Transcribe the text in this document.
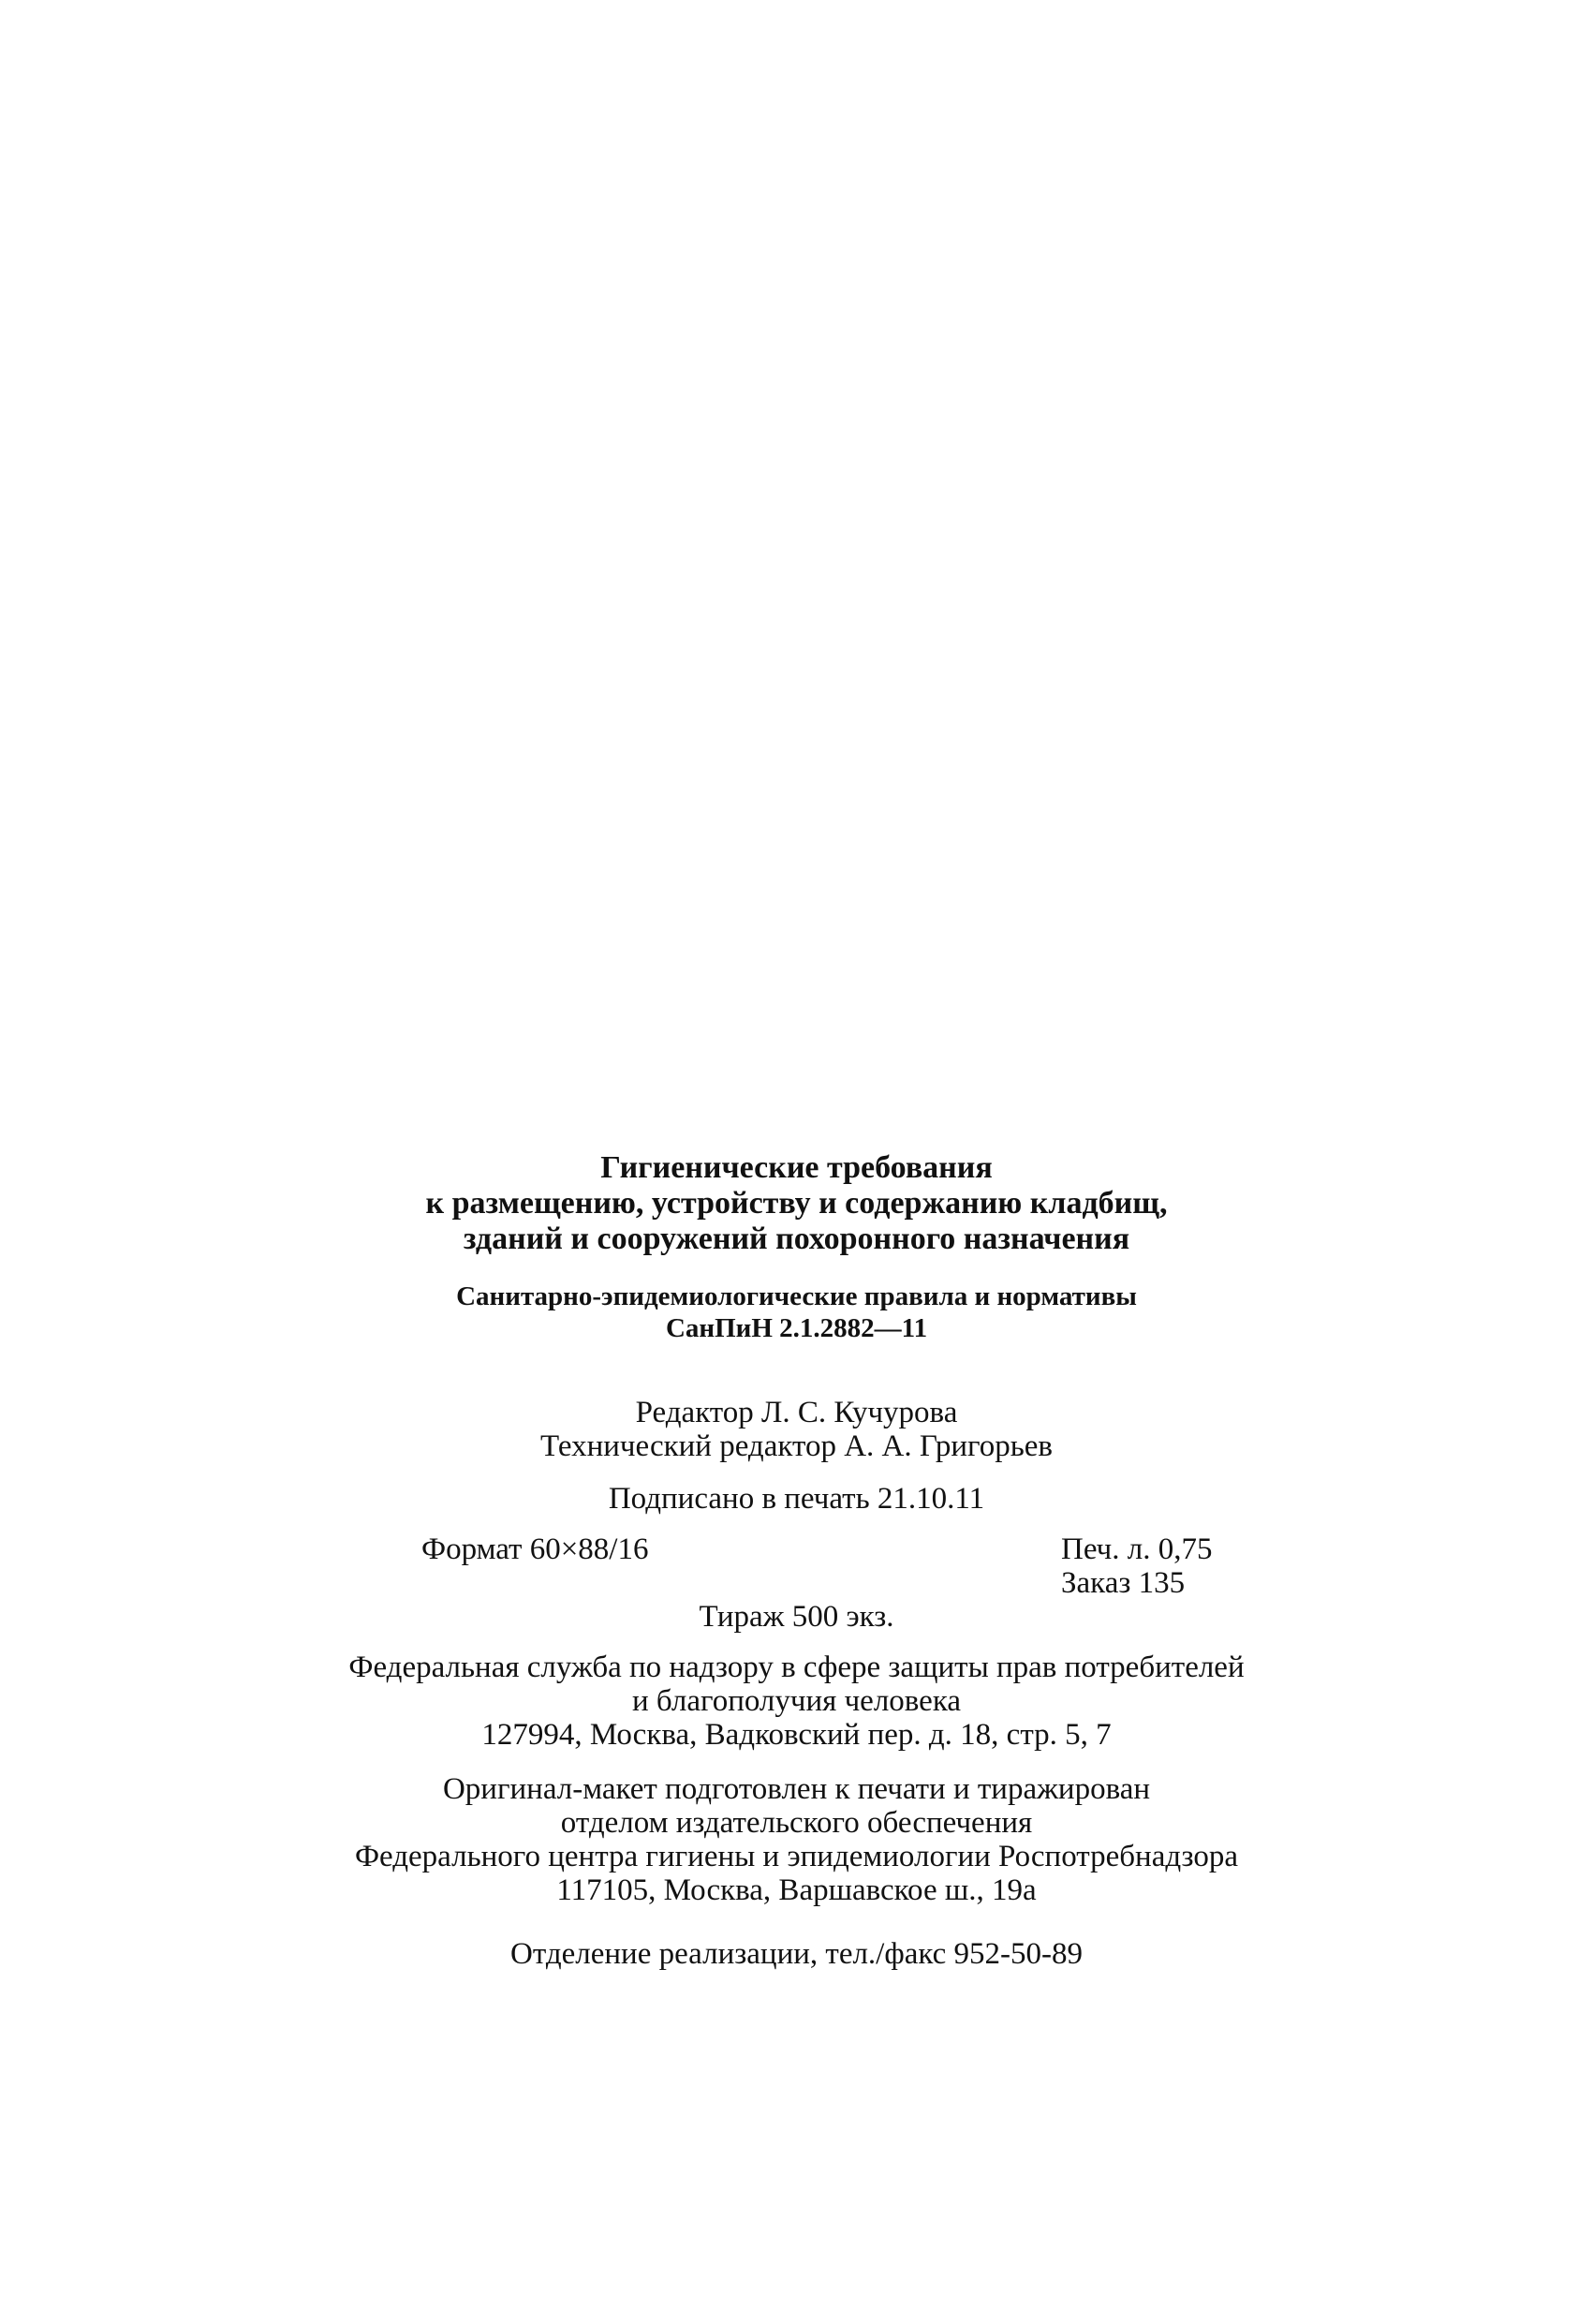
Гигиенические требования
к размещению, устройству и содержанию кладбищ,
зданий и сооружений похоронного назначения
Санитарно-эпидемиологические правила и нормативы
СанПиН 2.1.2882—11
Редактор Л. С. Кучурова
Технический редактор А. А. Григорьев
Подписано в печать 21.10.11
Формат 60×88/16	Печ. л. 0,75
Заказ 135
Тираж 500 экз.
Федеральная служба по надзору в сфере защиты прав потребителей
и благополучия человека
127994, Москва, Вадковский пер. д. 18, стр. 5, 7
Оригинал-макет подготовлен к печати и тиражирован
отделом издательского обеспечения
Федерального центра гигиены и эпидемиологии Роспотребнадзора
117105, Москва, Варшавское ш., 19а
Отделение реализации, тел./факс 952-50-89
